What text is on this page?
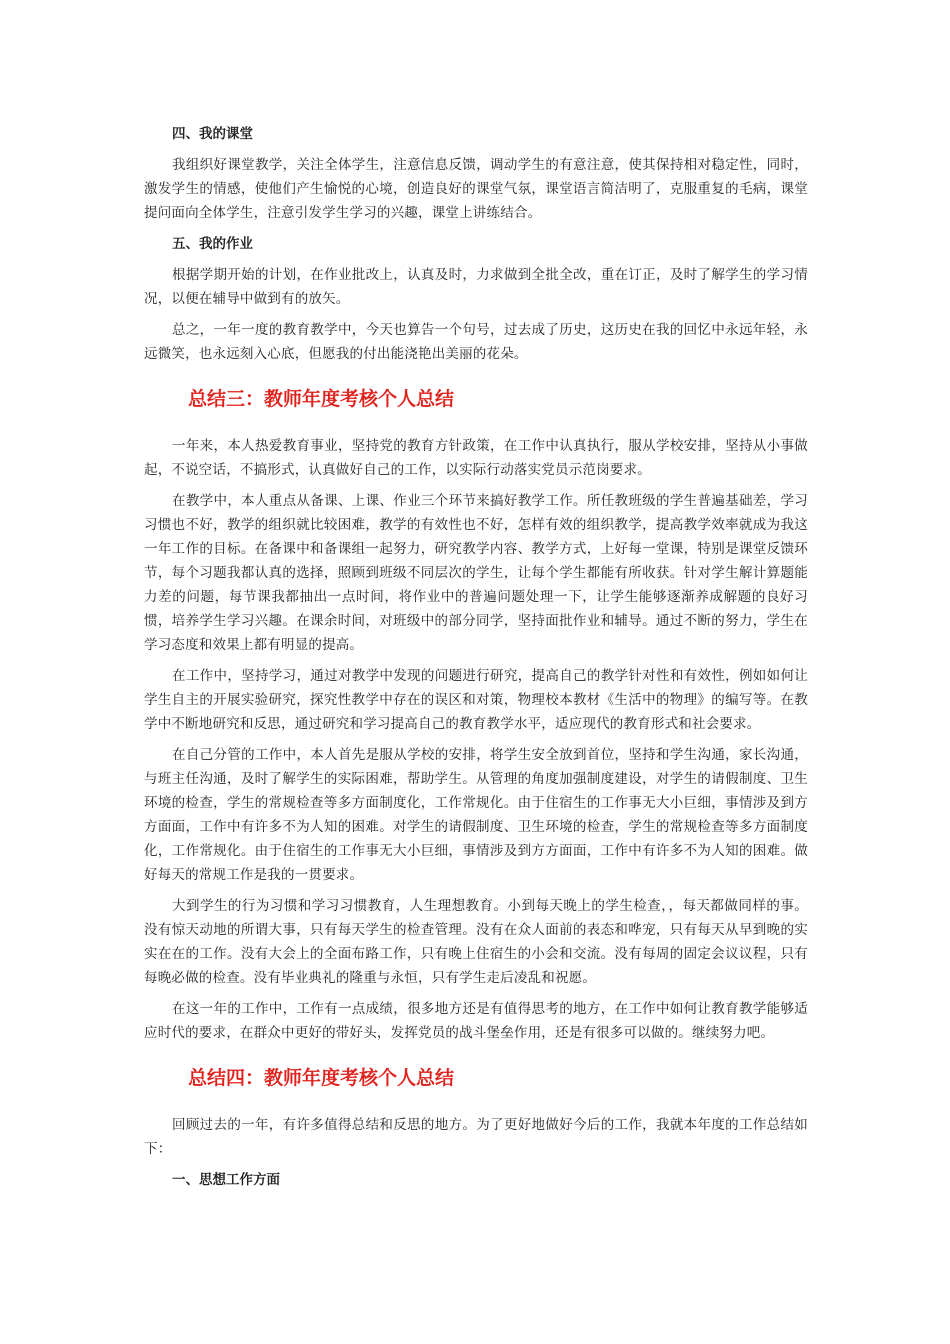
四、我的课堂

我组织好课堂教学，关注全体学生，注意信息反馈，调动学生的有意注意，使其保持相对稳定性，同时，激发学生的情感，使他们产生愉悦的心境，创造良好的课堂气氛，课堂语言简洁明了，克服重复的毛病，课堂提问面向全体学生，注意引发学生学习的兴趣，课堂上讲练结合。

五、我的作业

根据学期开始的计划，在作业批改上，认真及时，力求做到全批全改，重在订正，及时了解学生的学习情况，以便在辅导中做到有的放矢。

总之，一年一度的教育教学中，今天也算告一个句号，过去成了历史，这历史在我的回忆中永远年轻，永远微笑，也永远刻入心底，但愿我的付出能浇艳出美丽的花朵。

总结三：教师年度考核个人总结

一年来，本人热爱教育事业，坚持党的教育方针政策，在工作中认真执行，服从学校安排，坚持从小事做起，不说空话，不搞形式，认真做好自己的工作，以实际行动落实党员示范岗要求。

在教学中，本人重点从备课、上课、作业三个环节来搞好教学工作。所任教班级的学生普遍基础差，学习习惯也不好，教学的组织就比较困难，教学的有效性也不好，怎样有效的组织教学，提高教学效率就成为我这一年工作的目标。在备课中和备课组一起努力，研究教学内容、教学方式，上好每一堂课，特别是课堂反馈环节，每个习题我都认真的选择，照顾到班级不同层次的学生，让每个学生都能有所收获。针对学生解计算题能力差的问题，每节课我都抽出一点时间，将作业中的普遍问题处理一下，让学生能够逐渐养成解题的良好习惯，培养学生学习兴趣。在课余时间，对班级中的部分同学，坚持面批作业和辅导。通过不断的努力，学生在学习态度和效果上都有明显的提高。

在工作中，坚持学习，通过对教学中发现的问题进行研究，提高自己的教学针对性和有效性，例如如何让学生自主的开展实验研究，探究性教学中存在的误区和对策，物理校本教材《生活中的物理》的编写等。在教学中不断地研究和反思，通过研究和学习提高自己的教育教学水平，适应现代的教育形式和社会要求。

在自己分管的工作中，本人首先是服从学校的安排，将学生安全放到首位，坚持和学生沟通，家长沟通，与班主任沟通，及时了解学生的实际困难，帮助学生。从管理的角度加强制度建设，对学生的请假制度、卫生环境的检查，学生的常规检查等多方面制度化，工作常规化。由于住宿生的工作事无大小巨细，事情涉及到方方面面，工作中有许多不为人知的困难。对学生的请假制度、卫生环境的检查，学生的常规检查等多方面制度化，工作常规化。由于住宿生的工作事无大小巨细，事情涉及到方方面面，工作中有许多不为人知的困难。做好每天的常规工作是我的一贯要求。

大到学生的行为习惯和学习习惯教育，人生理想教育。小到每天晚上的学生检查，，每天都做同样的事。没有惊天动地的所谓大事，只有每天学生的检查管理。没有在众人面前的表态和哗宠，只有每天从早到晚的实实在在的工作。没有大会上的全面布路工作，只有晚上住宿生的小会和交流。没有每周的固定会议议程，只有每晚必做的检查。没有毕业典礼的隆重与永恒，只有学生走后凌乱和祝愿。

在这一年的工作中，工作有一点成绩，很多地方还是有值得思考的地方，在工作中如何让教育教学能够适应时代的要求，在群众中更好的带好头，发挥党员的战斗堡垒作用，还是有很多可以做的。继续努力吧。

总结四：教师年度考核个人总结

回顾过去的一年，有许多值得总结和反思的地方。为了更好地做好今后的工作，我就本年度的工作总结如下：

一、思想工作方面
